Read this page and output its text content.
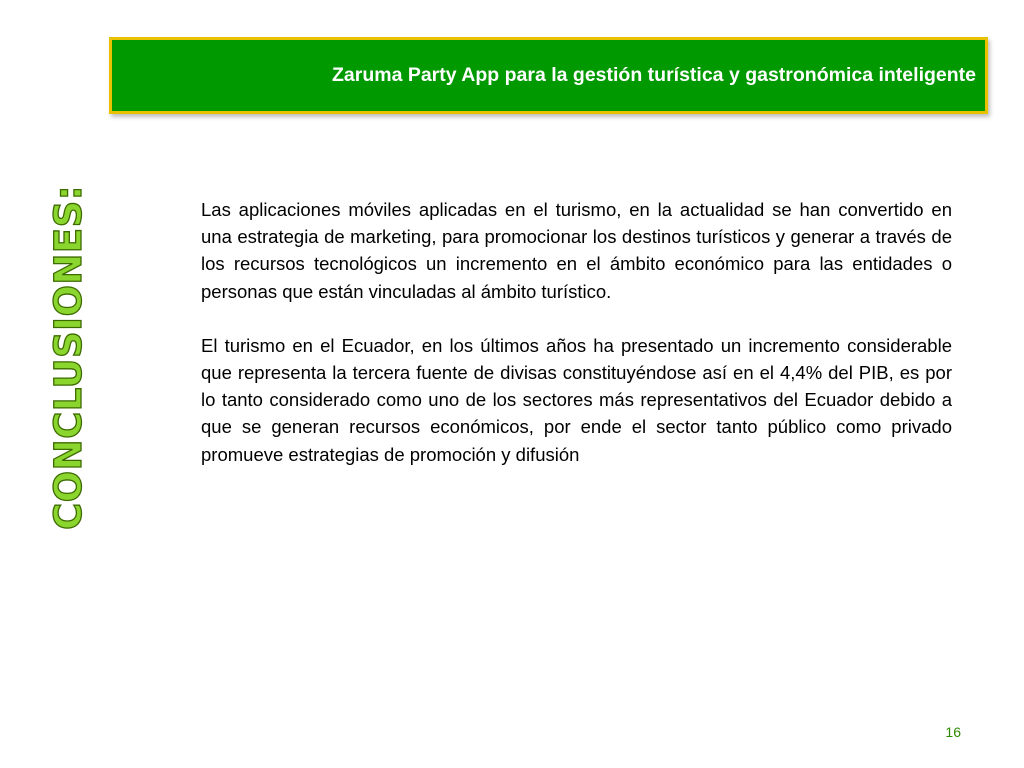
Zaruma Party App para la gestión turística y gastronómica inteligente
CONCLUSIONES:	Las aplicaciones móviles aplicadas en el turismo, en la actualidad se han convertido en una estrategia de marketing, para promocionar los destinos turísticos y generar a través de los recursos tecnológicos un incremento en el ámbito económico para las entidades o personas que están vinculadas al ámbito turístico.

El turismo en el Ecuador, en los últimos años ha presentado un incremento considerable que representa la tercera fuente de divisas constituyéndose así en el 4,4% del PIB, es por lo tanto considerado como uno de los sectores más representativos del Ecuador debido a que se generan recursos económicos, por ende el sector tanto público como privado promueve estrategias de promoción y difusión

16
